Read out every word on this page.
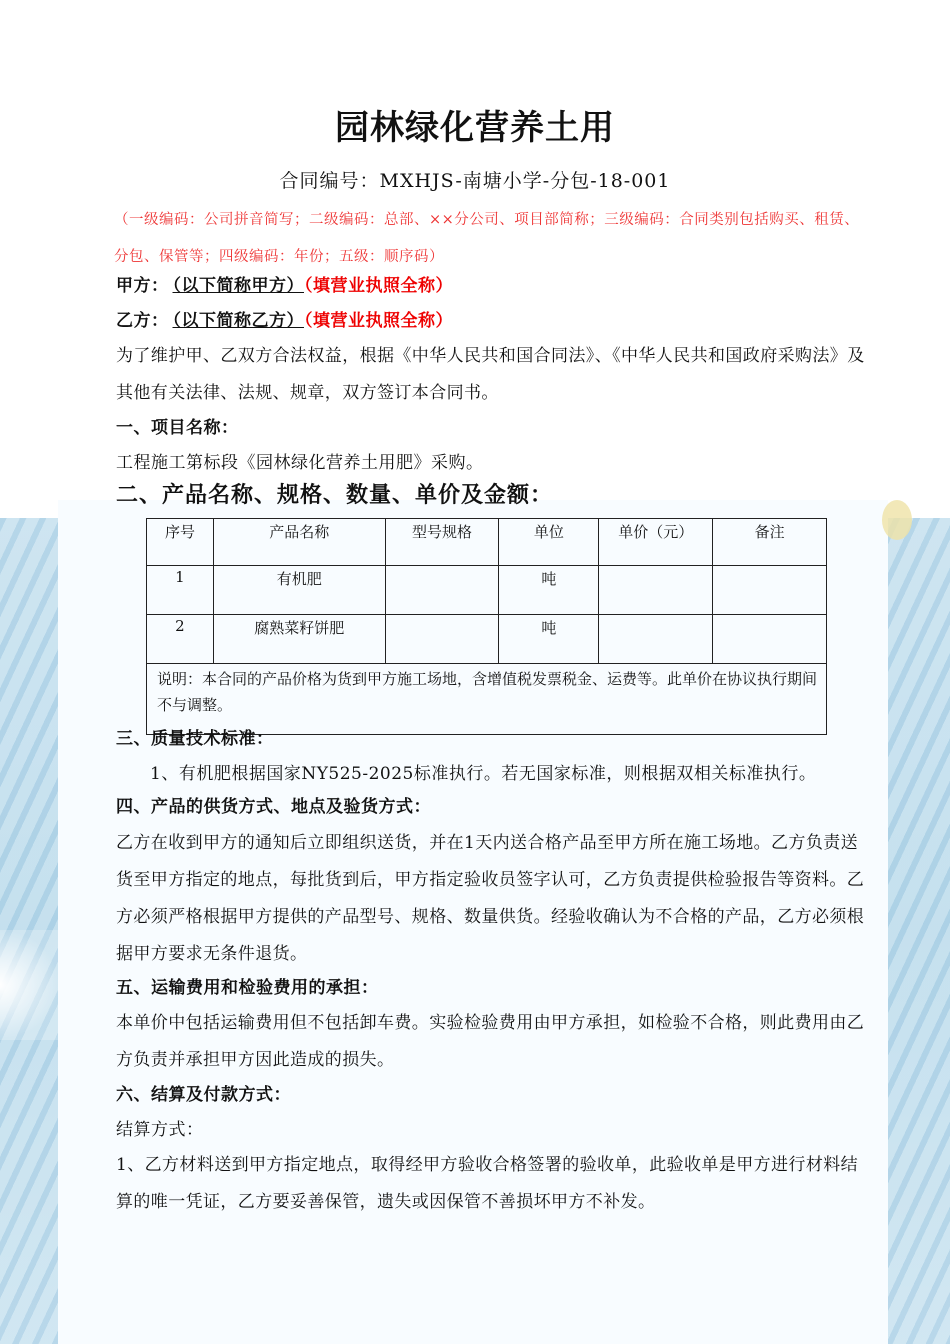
园林绿化营养土用
合同编号：MXHJS-南塘小学-分包-18-001
（一级编码：公司拼音简写；二级编码：总部、××分公司、项目部简称；三级编码：合同类别包括购买、租赁、分包、保管等；四级编码：年份；五级：顺序码）
甲方： （以下简称甲方）（填营业执照全称）
乙方： （以下简称乙方）（填营业执照全称）
为了维护甲、乙双方合法权益，根据《中华人民共和国合同法》、《中华人民共和国政府采购法》及其他有关法律、法规、规章，双方签订本合同书。
一、项目名称：
工程施工第标段《园林绿化营养土用肥》采购。
二、产品名称、规格、数量、单价及金额：
序号	产品名称	型号规格	单位	单价（元）	备注
1	有机肥		吨		
2	腐熟菜籽饼肥		吨		
说明：本合同的产品价格为货到甲方施工场地，含增值税发票税金、运费等。此单价在协议执行期间不与调整。					
三、质量技术标准：
1、有机肥根据国家NY525-2025标准执行。若无国家标准，则根据双相关标准执行。
四、产品的供货方式、地点及验货方式：
乙方在收到甲方的通知后立即组织送货，并在1天内送合格产品至甲方所在施工场地。乙方负责送货至甲方指定的地点，每批货到后，甲方指定验收员签字认可，乙方负责提供检验报告等资料。乙方必须严格根据甲方提供的产品型号、规格、数量供货。经验收确认为不合格的产品，乙方必须根据甲方要求无条件退货。
五、运输费用和检验费用的承担：
本单价中包括运输费用但不包括卸车费。实验检验费用由甲方承担，如检验不合格，则此费用由乙方负责并承担甲方因此造成的损失。
六、结算及付款方式：
结算方式：
1、乙方材料送到甲方指定地点，取得经甲方验收合格签署的验收单，此验收单是甲方进行材料结算的唯一凭证，乙方要妥善保管，遗失或因保管不善损坏甲方不补发。
